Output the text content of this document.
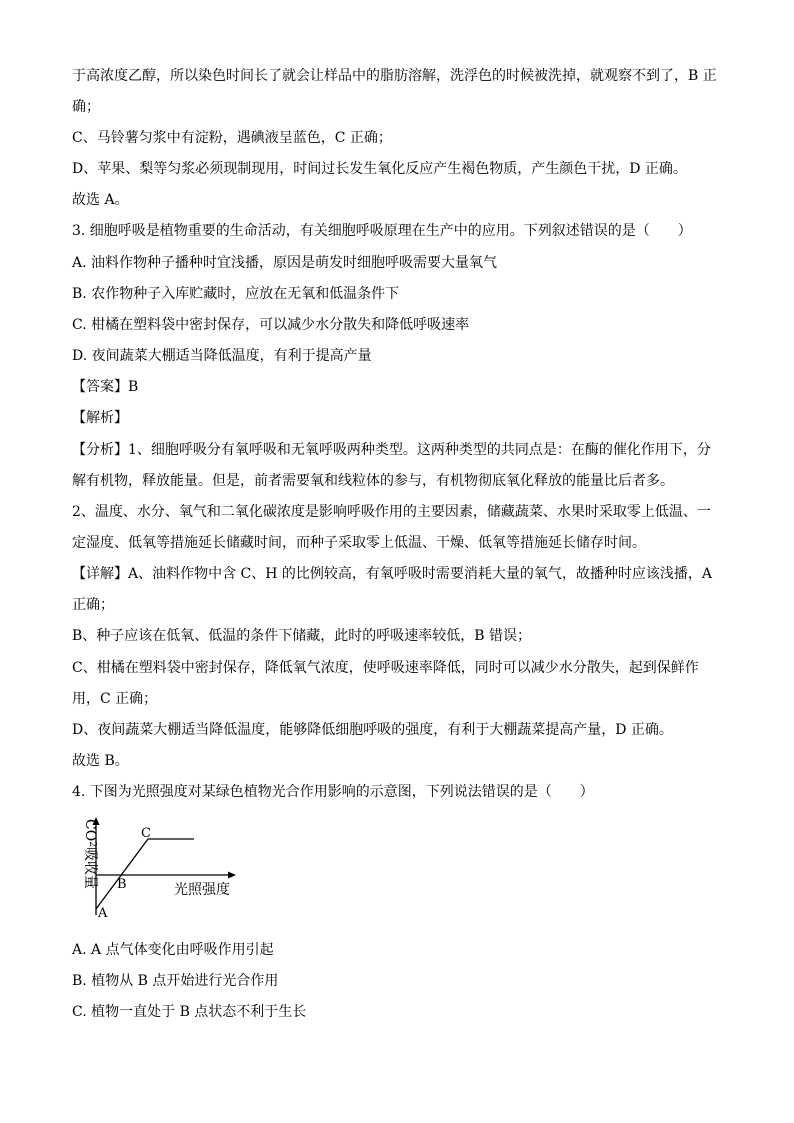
于高浓度乙醇，所以染色时间长了就会让样品中的脂肪溶解，洗浮色的时候被洗掉，就观察不到了，B 正
确；
C、马铃薯匀浆中有淀粉，遇碘液呈蓝色，C 正确；
D、苹果、梨等匀浆必须现制现用，时间过长发生氧化反应产生褐色物质，产生颜色干扰，D 正确。
故选 A。
3. 细胞呼吸是植物重要的生命活动，有关细胞呼吸原理在生产中的应用。下列叙述错误的是（　　）
A. 油料作物种子播种时宜浅播，原因是萌发时细胞呼吸需要大量氧气
B. 农作物种子入库贮藏时，应放在无氧和低温条件下
C. 柑橘在塑料袋中密封保存，可以减少水分散失和降低呼吸速率
D. 夜间蔬菜大棚适当降低温度，有利于提高产量
【答案】B
【解析】
【分析】1、细胞呼吸分有氧呼吸和无氧呼吸两种类型。这两种类型的共同点是：在酶的催化作用下，分
解有机物，释放能量。但是，前者需要氧和线粒体的参与，有机物彻底氧化释放的能量比后者多。
2、温度、水分、氧气和二氧化碳浓度是影响呼吸作用的主要因素，储藏蔬菜、水果时采取零上低温、一
定湿度、低氧等措施延长储藏时间，而种子采取零上低温、干燥、低氧等措施延长储存时间。
【详解】A、油料作物中含 C、H 的比例较高，有氧呼吸时需要消耗大量的氧气，故播种时应该浅播，A
正确；
B、种子应该在低氧、低温的条件下储藏，此时的呼吸速率较低，B 错误；
C、柑橘在塑料袋中密封保存，降低氧气浓度，使呼吸速率降低，同时可以减少水分散失，起到保鲜作
用，C 正确；
D、夜间蔬菜大棚适当降低温度，能够降低细胞呼吸的强度，有利于大棚蔬菜提高产量，D 正确。
故选 B。
4. 下图为光照强度对某绿色植物光合作用影响的示意图，下列说法错误的是（　　）
$CO^2$吸收量
光照强度
A
B
C
A. A 点气体变化由呼吸作用引起
B. 植物从 B 点开始进行光合作用
C. 植物一直处于 B 点状态不利于生长
